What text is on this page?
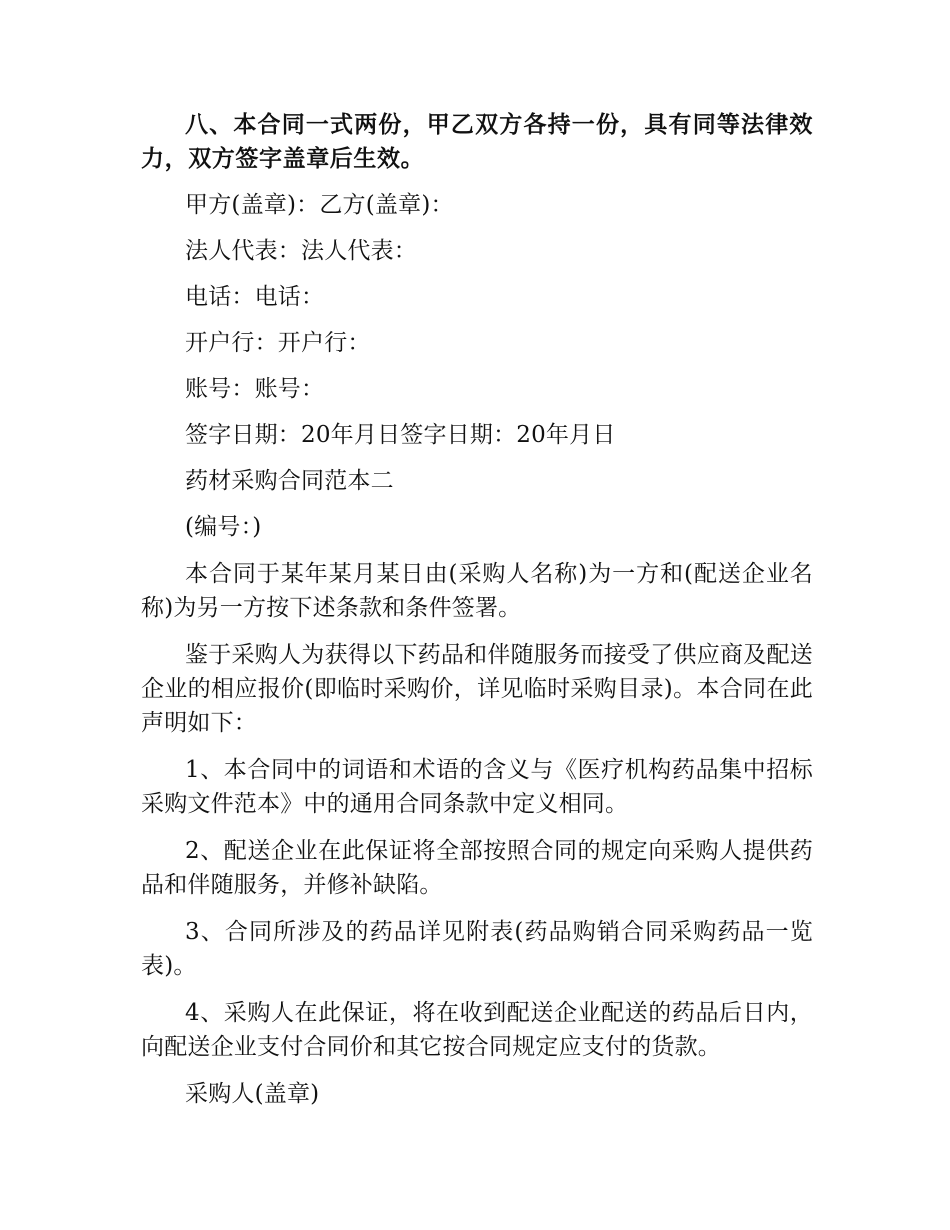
八、本合同一式两份，甲乙双方各持一份，具有同等法律效力，双方签字盖章后生效。

甲方(盖章)：乙方(盖章)：

法人代表：法人代表：

电话：电话：

开户行：开户行：

账号：账号：

签字日期：20年月日签字日期：20年月日

药材采购合同范本二

(编号：)

本合同于某年某月某日由(采购人名称)为一方和(配送企业名称)为另一方按下述条款和条件签署。

鉴于采购人为获得以下药品和伴随服务而接受了供应商及配送企业的相应报价(即临时采购价，详见临时采购目录)。本合同在此声明如下：

1、本合同中的词语和术语的含义与《医疗机构药品集中招标采购文件范本》中的通用合同条款中定义相同。

2、配送企业在此保证将全部按照合同的规定向采购人提供药品和伴随服务，并修补缺陷。

3、合同所涉及的药品详见附表(药品购销合同采购药品一览表)。

4、采购人在此保证，将在收到配送企业配送的药品后日内，向配送企业支付合同价和其它按合同规定应支付的货款。

采购人(盖章)
